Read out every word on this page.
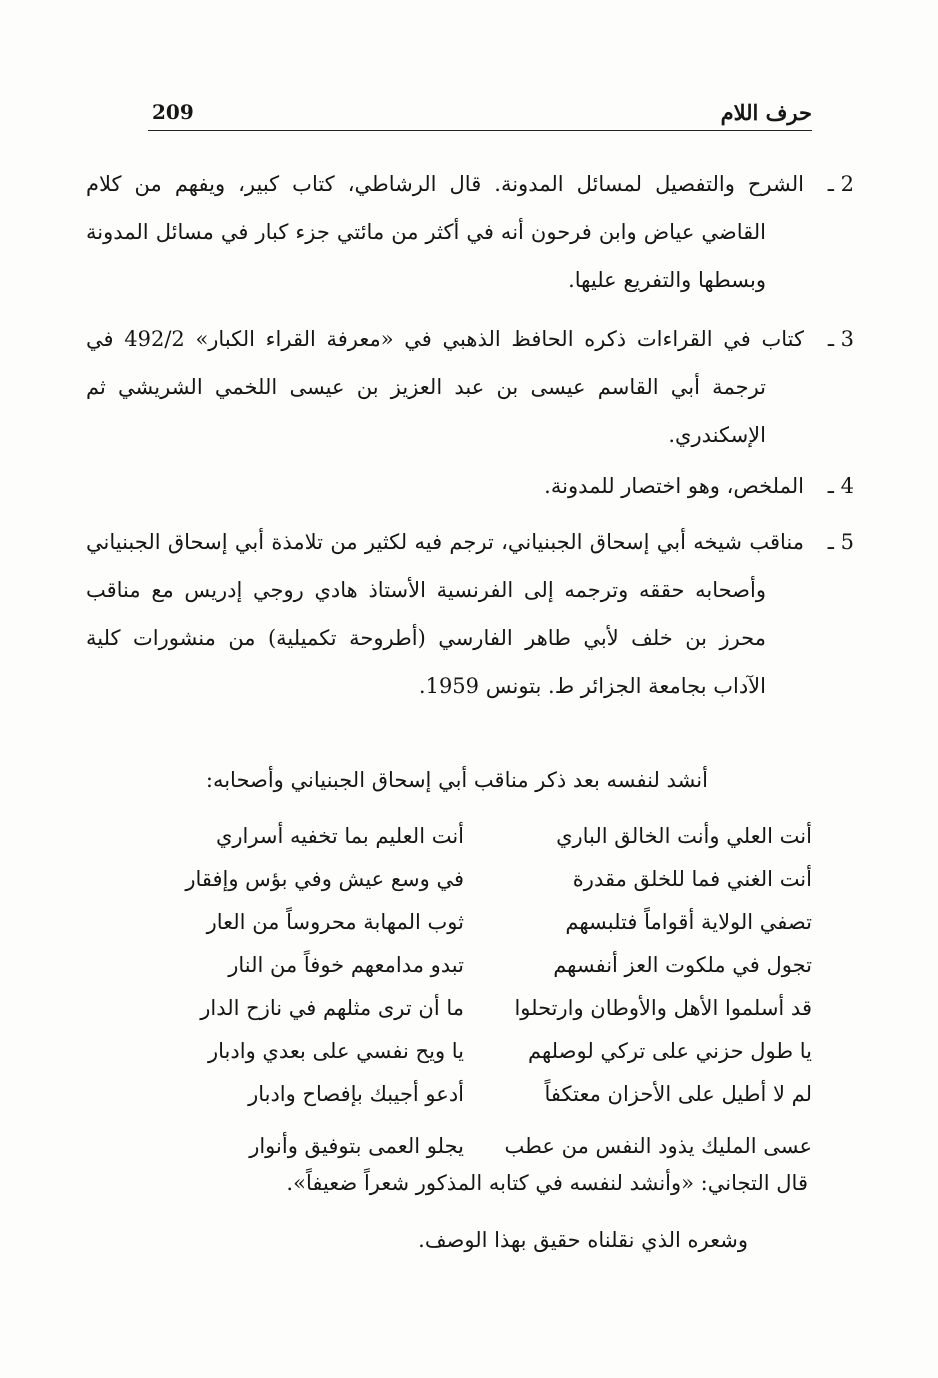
حرف اللام
209
2 ـالشرح والتفصيل لمسائل المدونة. قال الرشاطي، كتاب كبير، ويفهم من كلام القاضي عياض وابن فرحون أنه في أكثر من مائتي جزء كبار في مسائل المدونة وبسطها والتفريع عليها.
3 ـكتاب في القراءات ذكره الحافظ الذهبي في «معرفة القراء الكبار» 492/2 في ترجمة أبي القاسم عيسى بن عبد العزيز بن عيسى اللخمي الشريشي ثم الإسكندري.
4 ـالملخص، وهو اختصار للمدونة.
5 ـمناقب شيخه أبي إسحاق الجبنياني، ترجم فيه لكثير من تلامذة أبي إسحاق الجبنياني وأصحابه حققه وترجمه إلى الفرنسية الأستاذ هادي روجي إدريس مع مناقب محرز بن خلف لأبي طاهر الفارسي (أطروحة تكميلية) من منشورات كلية الآداب بجامعة الجزائر ط. بتونس 1959.
أنشد لنفسه بعد ذكر مناقب أبي إسحاق الجبنياني وأصحابه:
أنت العلي وأنت الخالق الباري
أنت العليم بما تخفيه أسراري
أنت الغني فما للخلق مقدرة
في وسع عيش وفي بؤس وإفقار
تصفي الولاية أقواماً فتلبسهم
ثوب المهابة محروساً من العار
تجول في ملكوت العز أنفسهم
تبدو مدامعهم خوفاً من النار
قد أسلموا الأهل والأوطان وارتحلوا
ما أن ترى مثلهم في نازح الدار
يا طول حزني على تركي لوصلهم
يا ويح نفسي على بعدي وادبار
لم لا أطيل على الأحزان معتكفاً
أدعو أجيبك بإفصاح وادبار
عسى المليك يذود النفس من عطب
يجلو العمى بتوفيق وأنوار
قال التجاني: «وأنشد لنفسه في كتابه المذكور شعراً ضعيفاً».
وشعره الذي نقلناه حقيق بهذا الوصف.
